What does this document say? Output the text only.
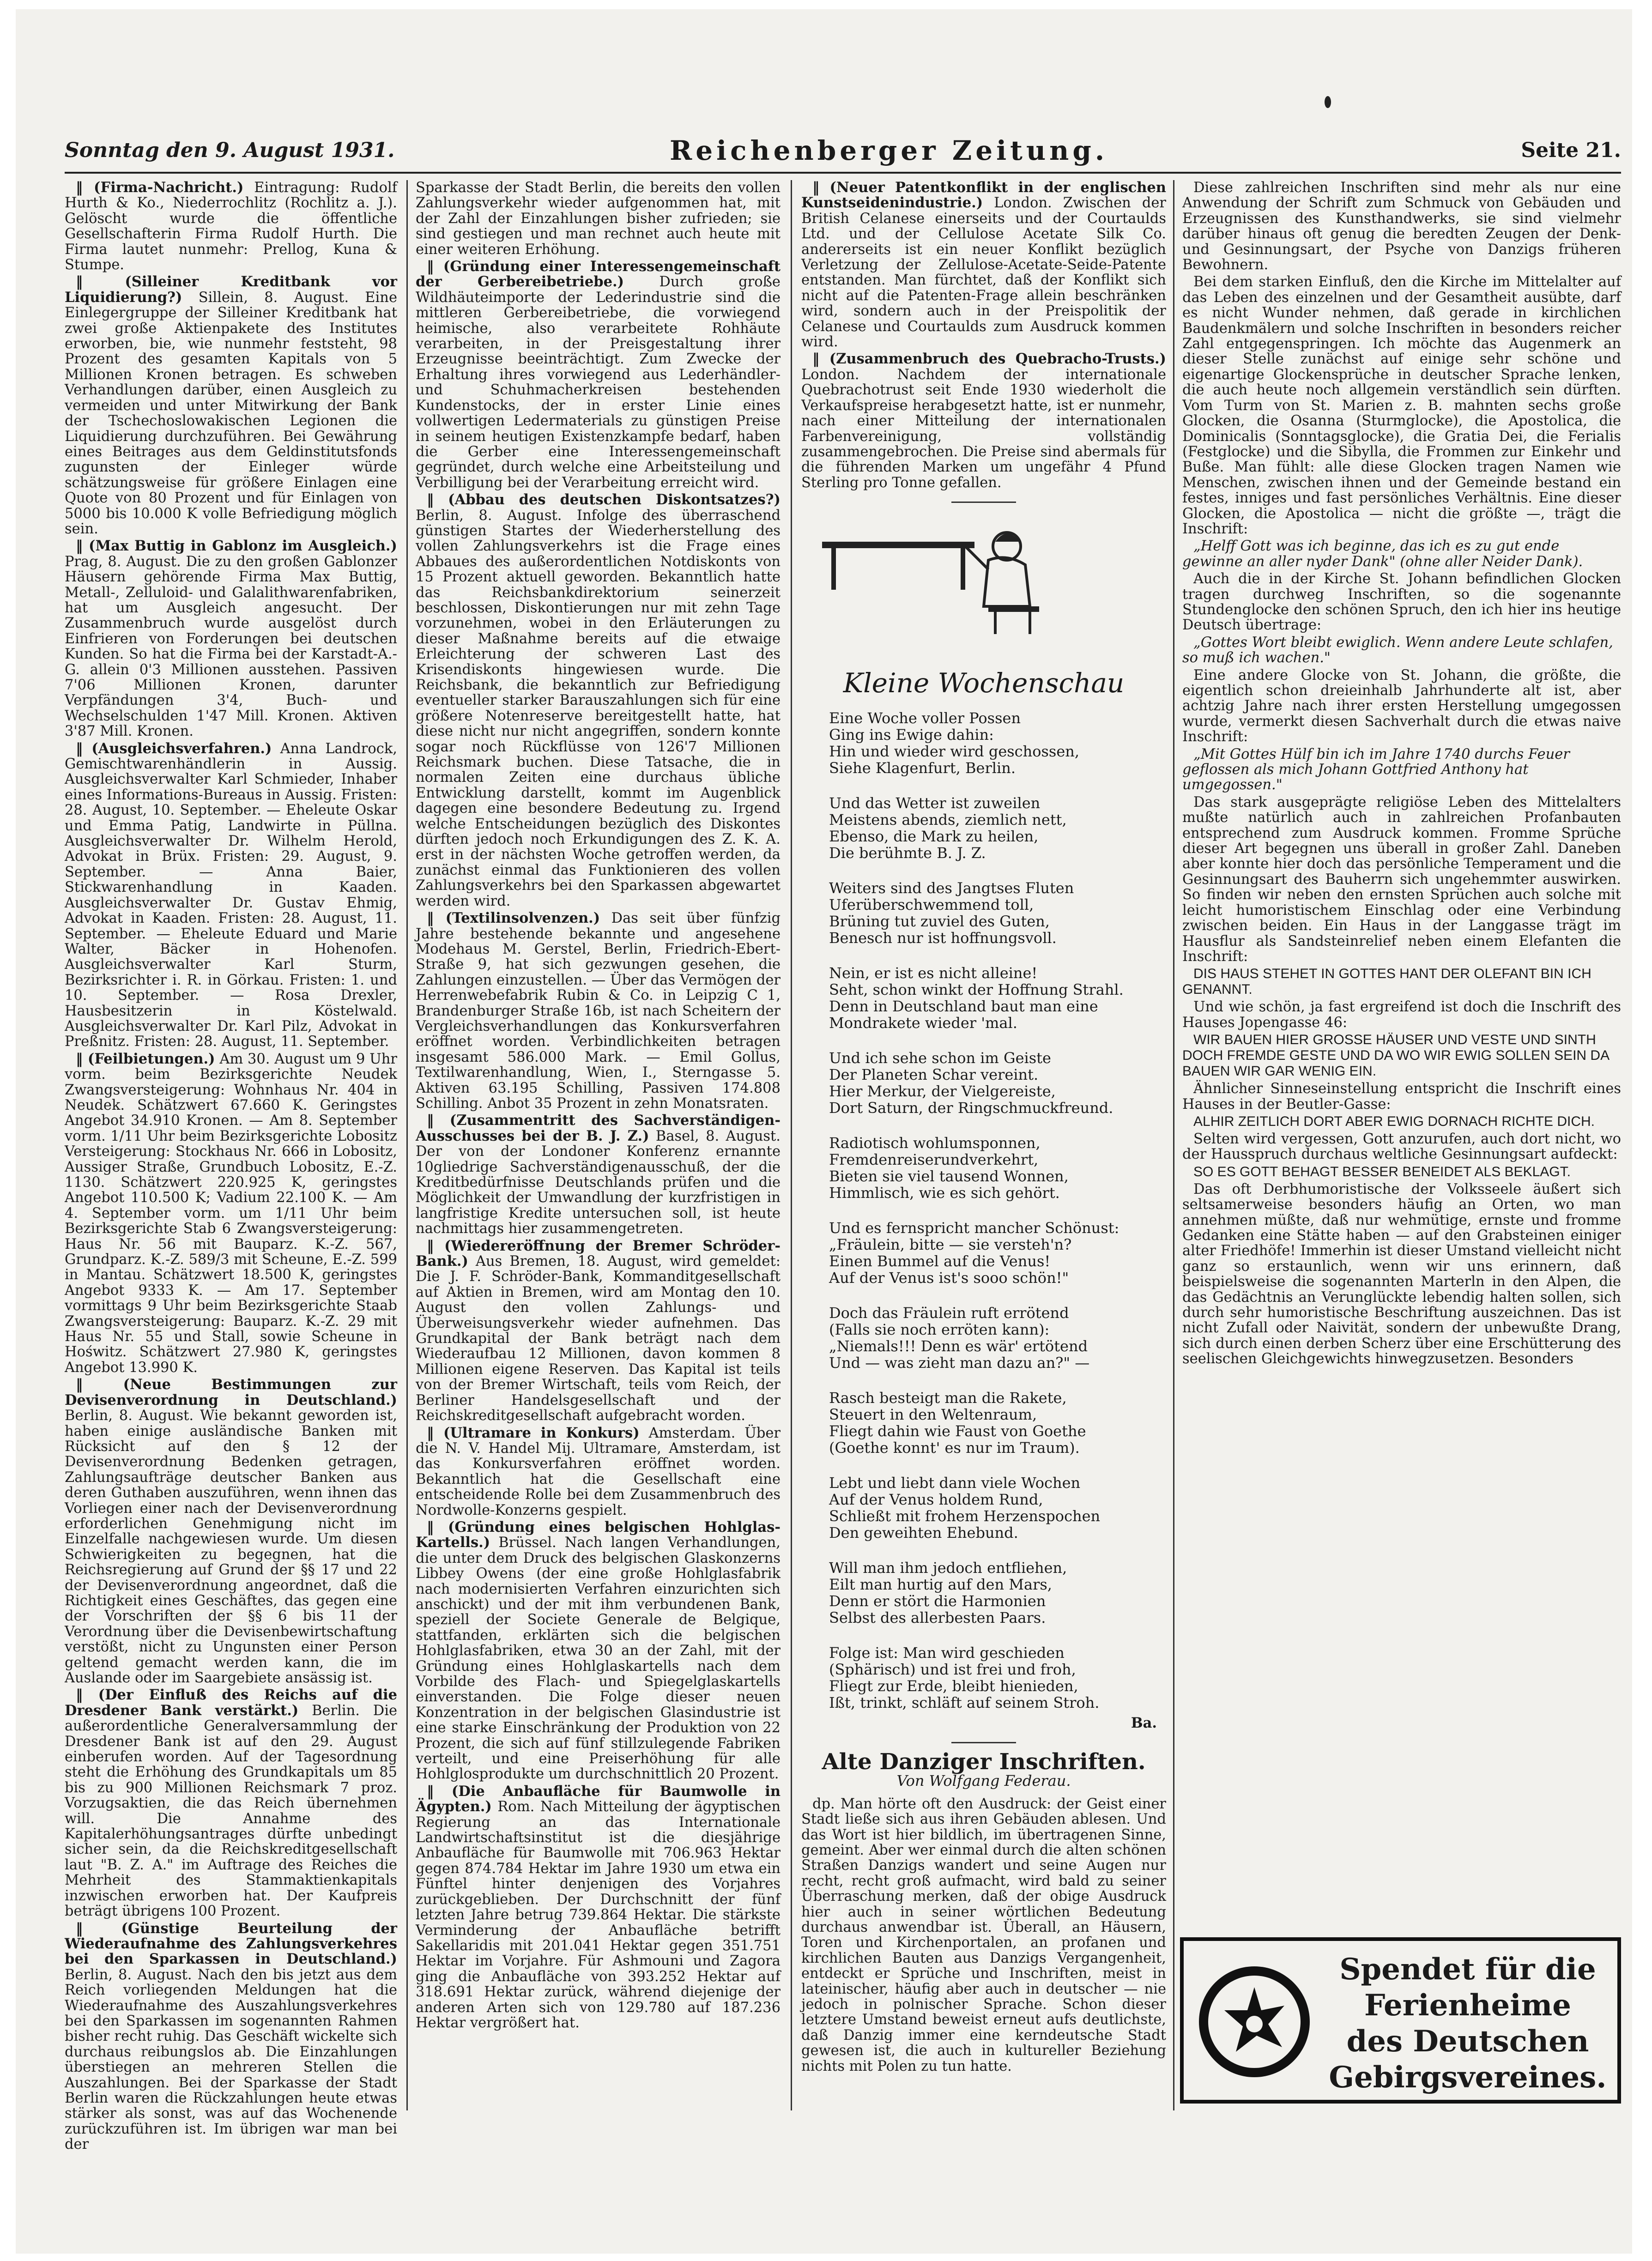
Sonntag den 9. August 1931.	Reichenberger Zeitung.	Seite 21.

‖ (Firma-Nachricht.) Eintragung: Rudolf Hurth & Ko., Niederrochlitz (Rochlitz a. J.). Gelöscht wurde die öffentliche Gesellschafterin Firma Rudolf Hurth. Die Firma lautet nunmehr: Prellog, Kuna & Stumpe.

‖ (Silleiner Kreditbank vor Liquidierung?) Sillein, 8. August. Eine Einlegergruppe der Silleiner Kreditbank hat zwei große Aktienpakete des Institutes erworben, bie, wie nunmehr feststeht, 98 Prozent des gesamten Kapitals von 5 Millionen Kronen betragen. Es schweben Verhandlungen darüber, einen Ausgleich zu vermeiden und unter Mitwirkung der Bank der Tschechoslowakischen Legionen die Liquidierung durchzuführen. Bei Gewährung eines Beitrages aus dem Geldinstitutsfonds zugunsten der Einleger würde schätzungsweise für größere Einlagen eine Quote von 80 Prozent und für Einlagen von 5000 bis 10.000 K volle Befriedigung möglich sein.

‖ (Max Buttig in Gablonz im Ausgleich.) Prag, 8. August. Die zu den großen Gablonzer Häusern gehörende Firma Max Buttig, Metall-, Zelluloid- und Galalithwarenfabriken, hat um Ausgleich angesucht. Der Zusammenbruch wurde ausgelöst durch Einfrieren von Forderungen bei deutschen Kunden. So hat die Firma bei der Karstadt-A.-G. allein 0'3 Millionen ausstehen. Passiven 7'06 Millionen Kronen, darunter Verpfändungen 3'4, Buch- und Wechselschulden 1'47 Mill. Kronen. Aktiven 3'87 Mill. Kronen.

‖ (Ausgleichsverfahren.) Anna Landrock, Gemischtwarenhändlerin in Aussig. Ausgleichsverwalter Karl Schmieder, Inhaber eines Informations-Bureaus in Aussig. Fristen: 28. August, 10. September. — Eheleute Oskar und Emma Patig, Landwirte in Püllna. Ausgleichsverwalter Dr. Wilhelm Herold, Advokat in Brüx. Fristen: 29. August, 9. September. — Anna Baier, Stickwarenhandlung in Kaaden. Ausgleichsverwalter Dr. Gustav Ehmig, Advokat in Kaaden. Fristen: 28. August, 11. September. — Eheleute Eduard und Marie Walter, Bäcker in Hohenofen. Ausgleichsverwalter Karl Sturm, Bezirksrichter i. R. in Görkau. Fristen: 1. und 10. September. — Rosa Drexler, Hausbesitzerin in Köstelwald. Ausgleichsverwalter Dr. Karl Pilz, Advokat in Preßnitz. Fristen: 28. August, 11. September.

‖ (Feilbietungen.) Am 30. August um 9 Uhr vorm. beim Bezirksgerichte Neudek Zwangsversteigerung: Wohnhaus Nr. 404 in Neudek. Schätzwert 67.660 K. Geringstes Angebot 34.910 Kronen. — Am 8. September vorm. 1/11 Uhr beim Bezirksgerichte Lobositz Versteigerung: Stockhaus Nr. 666 in Lobositz, Aussiger Straße, Grundbuch Lobositz, E.-Z. 1130. Schätzwert 220.925 K, geringstes Angebot 110.500 K; Vadium 22.100 K. — Am 4. September vorm. um 1/11 Uhr beim Bezirksgerichte Stab 6 Zwangsversteigerung: Haus Nr. 56 mit Bauparz. K.-Z. 567, Grundparz. K.-Z. 589/3 mit Scheune, E.-Z. 599 in Mantau. Schätzwert 18.500 K, geringstes Angebot 9333 K. — Am 17. September vormittags 9 Uhr beim Bezirksgerichte Staab Zwangsversteigerung: Bauparz. K.-Z. 29 mit Haus Nr. 55 und Stall, sowie Scheune in Hoświtz. Schätzwert 27.980 K, geringstes Angebot 13.990 K.

‖ (Neue Bestimmungen zur Devisenverordnung in Deutschland.) Berlin, 8. August. Wie bekannt geworden ist, haben einige ausländische Banken mit Rücksicht auf den § 12 der Devisenverordnung Bedenken getragen, Zahlungsaufträge deutscher Banken aus deren Guthaben auszuführen, wenn ihnen das Vorliegen einer nach der Devisenverordnung erforderlichen Genehmigung nicht im Einzelfalle nachgewiesen wurde. Um diesen Schwierigkeiten zu begegnen, hat die Reichsregierung auf Grund der §§ 17 und 22 der Devisenverordnung angeordnet, daß die Richtigkeit eines Geschäftes, das gegen eine der Vorschriften der §§ 6 bis 11 der Verordnung über die Devisenbewirtschaftung verstößt, nicht zu Ungunsten einer Person geltend gemacht werden kann, die im Auslande oder im Saargebiete ansässig ist.

‖ (Der Einfluß des Reichs auf die Dresdener Bank verstärkt.) Berlin. Die außerordentliche Generalversammlung der Dresdener Bank ist auf den 29. August einberufen worden. Auf der Tagesordnung steht die Erhöhung des Grundkapitals um 85 bis zu 900 Millionen Reichsmark 7 proz. Vorzugsaktien, die das Reich übernehmen will. Die Annahme des Kapitalerhöhungsantrages dürfte unbedingt sicher sein, da die Reichskreditgesellschaft laut "B. Z. A." im Auftrage des Reiches die Mehrheit des Stammaktienkapitals inzwischen erworben hat. Der Kaufpreis beträgt übrigens 100 Prozent.

‖ (Günstige Beurteilung der Wiederaufnahme des Zahlungsverkehres bei den Sparkassen in Deutschland.) Berlin, 8. August. Nach den bis jetzt aus dem Reich vorliegenden Meldungen hat die Wiederaufnahme des Auszahlungsverkehres bei den Sparkassen im sogenannten Rahmen bisher recht ruhig. Das Geschäft wickelte sich durchaus reibungslos ab. Die Einzahlungen überstiegen an mehreren Stellen die Auszahlungen. Bei der Sparkasse der Stadt Berlin waren die Rückzahlungen heute etwas stärker als sonst, was auf das Wochenende zurückzuführen ist. Im übrigen war man bei der

Sparkasse der Stadt Berlin, die bereits den vollen Zahlungsverkehr wieder aufgenommen hat, mit der Zahl der Einzahlungen bisher zufrieden; sie sind gestiegen und man rechnet auch heute mit einer weiteren Erhöhung.

‖ (Gründung einer Interessengemeinschaft der Gerbereibetriebe.) Durch große Wildhäuteimporte der Lederindustrie sind die mittleren Gerbereibetriebe, die vorwiegend heimische, also verarbeitete Rohhäute verarbeiten, in der Preisgestaltung ihrer Erzeugnisse beeinträchtigt. Zum Zwecke der Erhaltung ihres vorwiegend aus Lederhändler- und Schuhmacherkreisen bestehenden Kundenstocks, der in erster Linie eines vollwertigen Ledermaterials zu günstigen Preise in seinem heutigen Existenzkampfe bedarf, haben die Gerber eine Interessengemeinschaft gegründet, durch welche eine Arbeitsteilung und Verbilligung bei der Verarbeitung erreicht wird.

‖ (Abbau des deutschen Diskontsatzes?) Berlin, 8. August. Infolge des überraschend günstigen Startes der Wiederherstellung des vollen Zahlungsverkehrs ist die Frage eines Abbaues des außerordentlichen Notdiskonts von 15 Prozent aktuell geworden. Bekanntlich hatte das Reichsbankdirektorium seinerzeit beschlossen, Diskontierungen nur mit zehn Tage vorzunehmen, wobei in den Erläuterungen zu dieser Maßnahme bereits auf die etwaige Erleichterung der schweren Last des Krisendiskonts hingewiesen wurde. Die Reichsbank, die bekanntlich zur Befriedigung eventueller starker Barauszahlungen sich für eine größere Notenreserve bereitgestellt hatte, hat diese nicht nur nicht angegriffen, sondern konnte sogar noch Rückflüsse von 126'7 Millionen Reichsmark buchen. Diese Tatsache, die in normalen Zeiten eine durchaus übliche Entwicklung darstellt, kommt im Augenblick dagegen eine besondere Bedeutung zu. Irgend welche Entscheidungen bezüglich des Diskontes dürften jedoch noch Erkundigungen des Z. K. A. erst in der nächsten Woche getroffen werden, da zunächst einmal das Funktionieren des vollen Zahlungsverkehrs bei den Sparkassen abgewartet werden wird.

‖ (Textilinsolvenzen.) Das seit über fünfzig Jahre bestehende bekannte und angesehene Modehaus M. Gerstel, Berlin, Friedrich-Ebert-Straße 9, hat sich gezwungen gesehen, die Zahlungen einzustellen. — Über das Vermögen der Herrenwebefabrik Rubin & Co. in Leipzig C 1, Brandenburger Straße 16b, ist nach Scheitern der Vergleichsverhandlungen das Konkursverfahren eröffnet worden. Verbindlichkeiten betragen insgesamt 586.000 Mark. — Emil Gollus, Textilwarenhandlung, Wien, I., Sterngasse 5. Aktiven 63.195 Schilling, Passiven 174.808 Schilling. Anbot 35 Prozent in zehn Monatsraten.

‖ (Zusammentritt des Sachverständigen-Ausschusses bei der B. J. Z.) Basel, 8. August. Der von der Londoner Konferenz ernannte 10gliedrige Sachverständigenausschuß, der die Kreditbedürfnisse Deutschlands prüfen und die Möglichkeit der Umwandlung der kurzfristigen in langfristige Kredite untersuchen soll, ist heute nachmittags hier zusammengetreten.

‖ (Wiedereröffnung der Bremer Schröder-Bank.) Aus Bremen, 18. August, wird gemeldet: Die J. F. Schröder-Bank, Kommanditgesellschaft auf Aktien in Bremen, wird am Montag den 10. August den vollen Zahlungs- und Überweisungsverkehr wieder aufnehmen. Das Grundkapital der Bank beträgt nach dem Wiederaufbau 12 Millionen, davon kommen 8 Millionen eigene Reserven. Das Kapital ist teils von der Bremer Wirtschaft, teils vom Reich, der Berliner Handelsgesellschaft und der Reichskreditgesellschaft aufgebracht worden.

‖ (Ultramare in Konkurs) Amsterdam. Über die N. V. Handel Mij. Ultramare, Amsterdam, ist das Konkursverfahren eröffnet worden. Bekanntlich hat die Gesellschaft eine entscheidende Rolle bei dem Zusammenbruch des Nordwolle-Konzerns gespielt.

‖ (Gründung eines belgischen Hohlglas-Kartells.) Brüssel. Nach langen Verhandlungen, die unter dem Druck des belgischen Glaskonzerns Libbey Owens (der eine große Hohlglasfabrik nach modernisierten Verfahren einzurichten sich anschickt) und der mit ihm verbundenen Bank, speziell der Societe Generale de Belgique, stattfanden, erklärten sich die belgischen Hohlglasfabriken, etwa 30 an der Zahl, mit der Gründung eines Hohlglaskartells nach dem Vorbilde des Flach- und Spiegelglaskartells einverstanden. Die Folge dieser neuen Konzentration in der belgischen Glasindustrie ist eine starke Einschränkung der Produktion von 22 Prozent, die sich auf fünf stillzulegende Fabriken verteilt, und eine Preiserhöhung für alle Hohlglosprodukte um durchschnittlich 20 Prozent.

‖ (Die Anbaufläche für Baumwolle in Ägypten.) Rom. Nach Mitteilung der ägyptischen Regierung an das Internationale Landwirtschaftsinstitut ist die diesjährige Anbaufläche für Baumwolle mit 706.963 Hektar gegen 874.784 Hektar im Jahre 1930 um etwa ein Fünftel hinter denjenigen des Vorjahres zurückgeblieben. Der Durchschnitt der fünf letzten Jahre betrug 739.864 Hektar. Die stärkste Verminderung der Anbaufläche betrifft Sakellaridis mit 201.041 Hektar gegen 351.751 Hektar im Vorjahre. Für Ashmouni und Zagora ging die Anbaufläche von 393.252 Hektar auf 318.691 Hektar zurück, während diejenige der anderen Arten sich von 129.780 auf 187.236 Hektar vergrößert hat.

‖ (Neuer Patentkonflikt in der englischen Kunstseidenindustrie.) London. Zwischen der British Celanese einerseits und der Courtaulds Ltd. und der Cellulose Acetate Silk Co. andererseits ist ein neuer Konflikt bezüglich Verletzung der Zellulose-Acetate-Seide-Patente entstanden. Man fürchtet, daß der Konflikt sich nicht auf die Patenten-Frage allein beschränken wird, sondern auch in der Preispolitik der Celanese und Courtaulds zum Ausdruck kommen wird.

‖ (Zusammenbruch des Quebracho-Trusts.) London. Nachdem der internationale Quebrachotrust seit Ende 1930 wiederholt die Verkaufspreise herabgesetzt hatte, ist er nunmehr, nach einer Mitteilung der internationalen Farbenvereinigung, vollständig zusammengebrochen. Die Preise sind abermals für die führenden Marken um ungefähr 4 Pfund Sterling pro Tonne gefallen.

Kleine Wochenschau
Eine Woche voller Possen
Ging ins Ewige dahin:
Hin und wieder wird geschossen,
Siehe Klagenfurt, Berlin.
Und das Wetter ist zuweilen
Meistens abends, ziemlich nett,
Ebenso, die Mark zu heilen,
Die berühmte B. J. Z.
Weiters sind des Jangtses Fluten
Uferüberschwemmend toll,
Brüning tut zuviel des Guten,
Benesch nur ist hoffnungsvoll.
Nein, er ist es nicht alleine!
Seht, schon winkt der Hoffnung Strahl.
Denn in Deutschland baut man eine
Mondrakete wieder 'mal.
Und ich sehe schon im Geiste
Der Planeten Schar vereint.
Hier Merkur, der Vielgereiste,
Dort Saturn, der Ringschmuckfreund.
Radiotisch wohlumsponnen,
Fremdenreiserundverkehrt,
Bieten sie viel tausend Wonnen,
Himmlisch, wie es sich gehört.
Und es fernspricht mancher Schönust:
„Fräulein, bitte — sie versteh'n?
Einen Bummel auf die Venus!
Auf der Venus ist's sooo schön!"
Doch das Fräulein ruft errötend
(Falls sie noch erröten kann):
„Niemals!!! Denn es wär' ertötend
Und — was zieht man dazu an?" —
Rasch besteigt man die Rakete,
Steuert in den Weltenraum,
Fliegt dahin wie Faust von Goethe
(Goethe konnt' es nur im Traum).
Lebt und liebt dann viele Wochen
Auf der Venus holdem Rund,
Schließt mit frohem Herzenspochen
Den geweihten Ehebund.
Will man ihm jedoch entfliehen,
Eilt man hurtig auf den Mars,
Denn er stört die Harmonien
Selbst des allerbesten Paars.
Folge ist: Man wird geschieden
(Sphärisch) und ist frei und froh,
Fliegt zur Erde, bleibt hienieden,
Ißt, trinkt, schläft auf seinem Stroh.
Ba.
Alte Danziger Inschriften.
Von Wolfgang Federau.

dp. Man hörte oft den Ausdruck: der Geist einer Stadt ließe sich aus ihren Gebäuden ablesen. Und das Wort ist hier bildlich, im übertragenen Sinne, gemeint. Aber wer einmal durch die alten schönen Straßen Danzigs wandert und seine Augen nur recht, recht groß aufmacht, wird bald zu seiner Überraschung merken, daß der obige Ausdruck hier auch in seiner wörtlichen Bedeutung durchaus anwendbar ist. Überall, an Häusern, Toren und Kirchenportalen, an profanen und kirchlichen Bauten aus Danzigs Vergangenheit, entdeckt er Sprüche und Inschriften, meist in lateinischer, häufig aber auch in deutscher — nie jedoch in polnischer Sprache. Schon dieser letztere Umstand beweist erneut aufs deutlichste, daß Danzig immer eine kerndeutsche Stadt gewesen ist, die auch in kultureller Beziehung nichts mit Polen zu tun hatte.

Diese zahlreichen Inschriften sind mehr als nur eine Anwendung der Schrift zum Schmuck von Gebäuden und Erzeugnissen des Kunsthandwerks, sie sind vielmehr darüber hinaus oft genug die beredten Zeugen der Denk- und Gesinnungsart, der Psyche von Danzigs früheren Bewohnern.

Bei dem starken Einfluß, den die Kirche im Mittelalter auf das Leben des einzelnen und der Gesamtheit ausübte, darf es nicht Wunder nehmen, daß gerade in kirchlichen Baudenkmälern und solche Inschriften in besonders reicher Zahl entgegenspringen. Ich möchte das Augenmerk an dieser Stelle zunächst auf einige sehr schöne und eigenartige Glockensprüche in deutscher Sprache lenken, die auch heute noch allgemein verständlich sein dürften. Vom Turm von St. Marien z. B. mahnten sechs große Glocken, die Osanna (Sturmglocke), die Apostolica, die Dominicalis (Sonntagsglocke), die Gratia Dei, die Ferialis (Festglocke) und die Sibylla, die Frommen zur Einkehr und Buße. Man fühlt: alle diese Glocken tragen Namen wie Menschen, zwischen ihnen und der Gemeinde bestand ein festes, inniges und fast persönliches Verhältnis. Eine dieser Glocken, die Apostolica — nicht die größte —, trägt die Inschrift:

„Helff Gott was ich beginne, das ich es zu gut ende gewinne an aller nyder Dank" (ohne aller Neider Dank).

Auch die in der Kirche St. Johann befindlichen Glocken tragen durchweg Inschriften, so die sogenannte Stundenglocke den schönen Spruch, den ich hier ins heutige Deutsch übertrage:

„Gottes Wort bleibt ewiglich. Wenn andere Leute schlafen, so muß ich wachen."

Eine andere Glocke von St. Johann, die größte, die eigentlich schon dreieinhalb Jahrhunderte alt ist, aber achtzig Jahre nach ihrer ersten Herstellung umgegossen wurde, vermerkt diesen Sachverhalt durch die etwas naive Inschrift:

„Mit Gottes Hülf bin ich im Jahre 1740 durchs Feuer geflossen als mich Johann Gottfried Anthony hat umgegossen."

Das stark ausgeprägte religiöse Leben des Mittelalters mußte natürlich auch in zahlreichen Profanbauten entsprechend zum Ausdruck kommen. Fromme Sprüche dieser Art begegnen uns überall in großer Zahl. Daneben aber konnte hier doch das persönliche Temperament und die Gesinnungsart des Bauherrn sich ungehemmter auswirken. So finden wir neben den ernsten Sprüchen auch solche mit leicht humoristischem Einschlag oder eine Verbindung zwischen beiden. Ein Haus in der Langgasse trägt im Hausflur als Sandsteinrelief neben einem Elefanten die Inschrift:

DIS HAUS STEHET IN GOTTES HANT DER OLEFANT BIN ICH GENANNT.

Und wie schön, ja fast ergreifend ist doch die Inschrift des Hauses Jopengasse 46:

WIR BAUEN HIER GROSSE HÄUSER UND VESTE UND SINTH DOCH FREMDE GESTE UND DA WO WIR EWIG SOLLEN SEIN DA BAUEN WIR GAR WENIG EIN.

Ähnlicher Sinneseinstellung entspricht die Inschrift eines Hauses in der Beutler-Gasse:

ALHIR ZEITLICH DORT ABER EWIG DORNACH RICHTE DICH.

Selten wird vergessen, Gott anzurufen, auch dort nicht, wo der Hausspruch durchaus weltliche Gesinnungsart aufdeckt:

SO ES GOTT BEHAGT BESSER BENEIDET ALS BEKLAGT.

Das oft Derbhumoristische der Volksseele äußert sich seltsamerweise besonders häufig an Orten, wo man annehmen müßte, daß nur wehmütige, ernste und fromme Gedanken eine Stätte haben — auf den Grabsteinen einiger alter Friedhöfe! Immerhin ist dieser Umstand vielleicht nicht ganz so erstaunlich, wenn wir uns erinnern, daß beispielsweise die sogenannten Marterln in den Alpen, die das Gedächtnis an Verunglückte lebendig halten sollen, sich durch sehr humoristische Beschriftung auszeichnen. Das ist nicht Zufall oder Naivität, sondern der unbewußte Drang, sich durch einen derben Scherz über eine Erschütterung des seelischen Gleichgewichts hinwegzusetzen. Besonders

Spendet für die
Ferienheime
des Deutschen
Gebirgsvereines.
